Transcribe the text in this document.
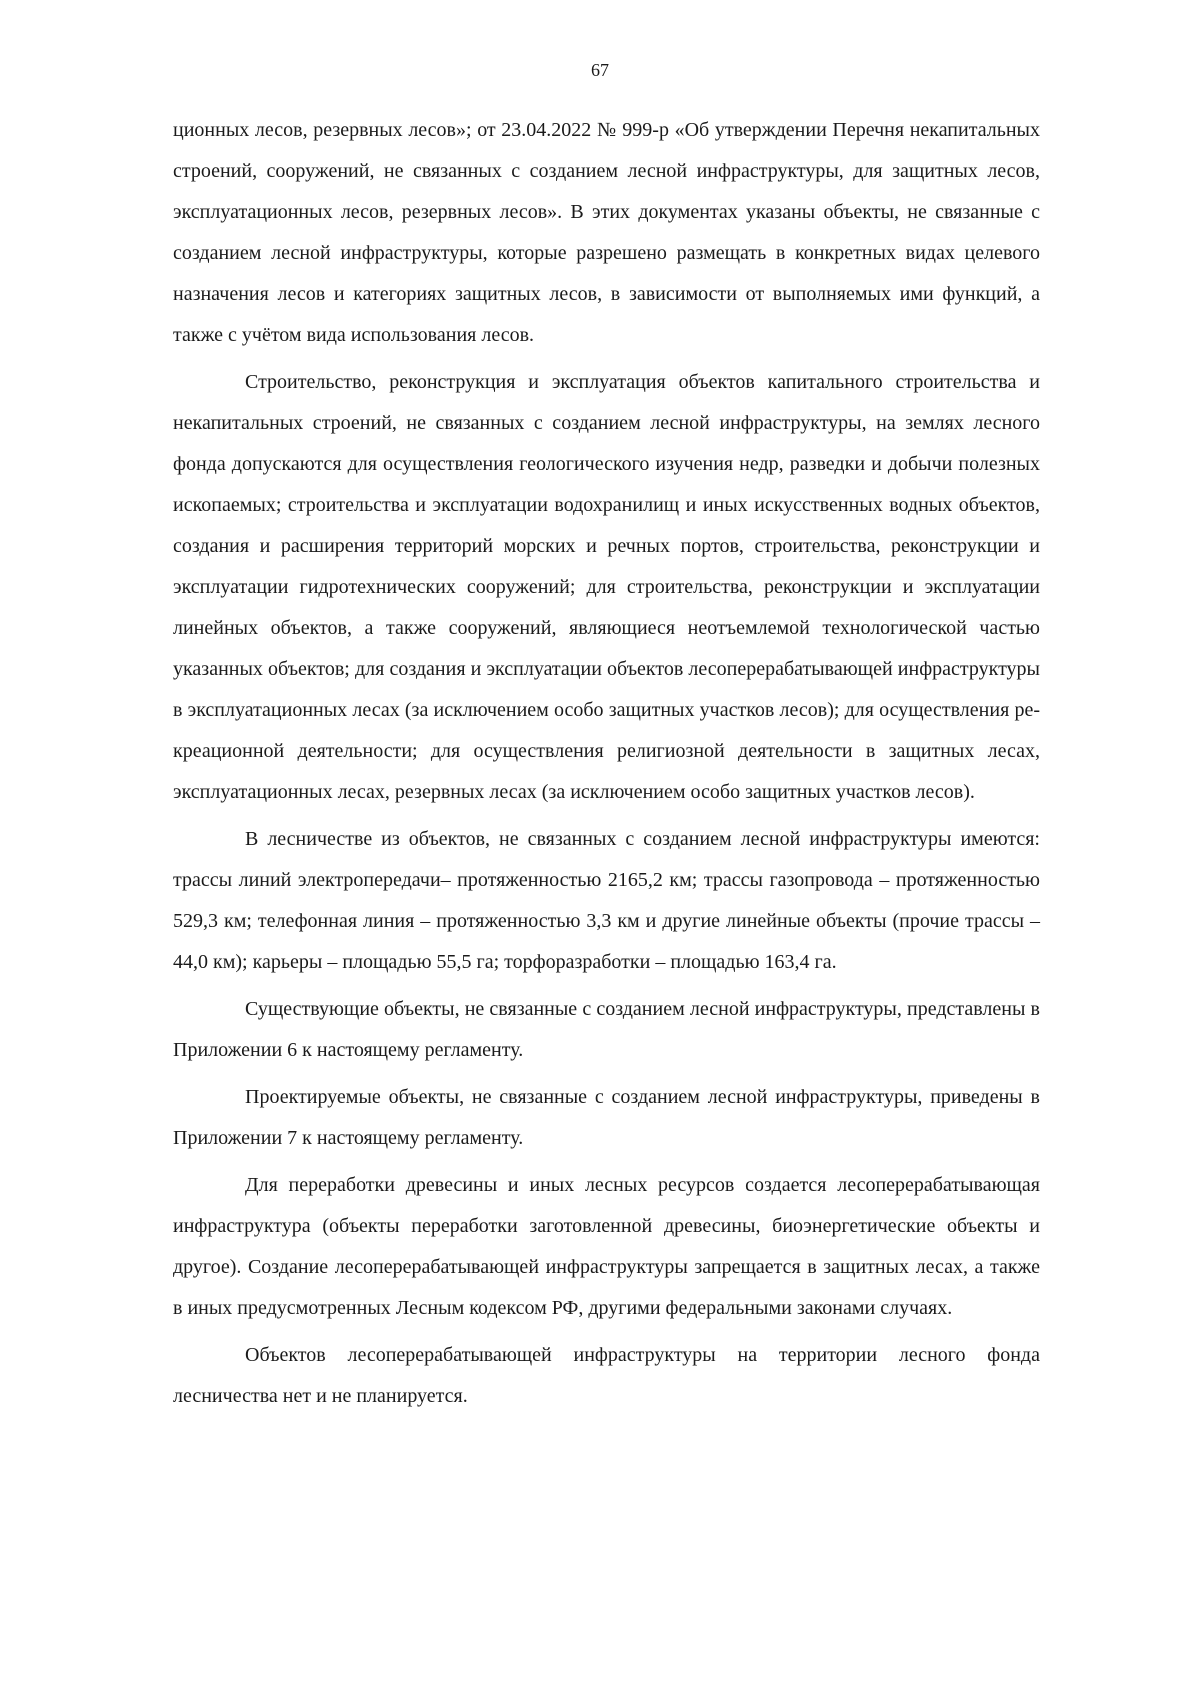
67

ционных лесов, резервных лесов»; от 23.04.2022 № 999-р «Об утверждении Перечня некапитальных строений, сооружений, не связанных с созданием лесной инфраструктуры, для защитных лесов, эксплуатационных лесов, резервных лесов». В этих документах указаны объекты, не связанные с созданием лесной инфраструктуры, которые разрешено размещать в конкретных видах целевого назначения лесов и категориях защитных лесов, в зависимости от выполняемых ими функций, а также с учётом вида использования лесов.

Строительство, реконструкция и эксплуатация объектов капитального строительства и некапитальных строений, не связанных с созданием лесной инфраструктуры, на землях лесного фонда допускаются для осуществления геологического изучения недр, разведки и добычи полезных ископаемых; строительства и эксплуатации водохранилищ и иных искусственных водных объектов, создания и расширения территорий морских и речных портов, строительства, реконструкции и эксплуатации гидротехнических сооружений; для строительства, реконструкции и эксплуатации линейных объектов, а также сооружений, являющиеся неотъемлемой технологической частью указанных объектов; для создания и эксплуатации объектов лесоперерабатывающей инфраструктуры в эксплуатационных лесах (за исключением особо защитных участков лесов); для осуществления рекреационной деятельности; для осуществления религиозной деятельности в защитных лесах, эксплуатационных лесах, резервных лесах (за исключением особо защитных участков лесов).

В лесничестве из объектов, не связанных с созданием лесной инфраструктуры имеются: трассы линий электропередачи– протяженностью 2165,2 км; трассы газопровода – протяженностью 529,3 км; телефонная линия – протяженностью 3,3 км и другие линейные объекты (прочие трассы – 44,0 км); карьеры – площадью 55,5 га; торфоразработки – площадью 163,4 га.

Существующие объекты, не связанные с созданием лесной инфраструктуры, представлены в Приложении 6 к настоящему регламенту.

Проектируемые объекты, не связанные с созданием лесной инфраструктуры, приведены в Приложении 7 к настоящему регламенту.

Для переработки древесины и иных лесных ресурсов создается лесоперерабатывающая инфраструктура (объекты переработки заготовленной древесины, биоэнергетические объекты и другое). Создание лесоперерабатывающей инфраструктуры запрещается в защитных лесах, а также в иных предусмотренных Лесным кодексом РФ, другими федеральными законами случаях.

Объектов лесоперерабатывающей инфраструктуры на территории лесного фонда лесничества нет и не планируется.
